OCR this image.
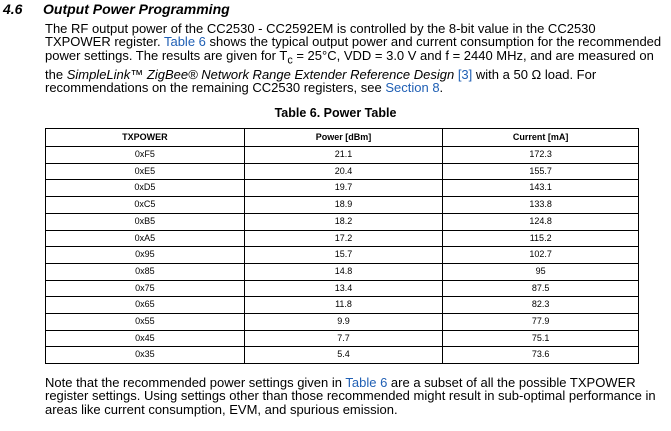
4.6 Output Power Programming

The RF output power of the CC2530 - CC2592EM is controlled by the 8-bit value in the CC2530 TXPOWER register. Table 6 shows the typical output power and current consumption for the recommended power settings. The results are given for $T_c = 25^\circ C$, VDD = 3.0 V and f = 2440 MHz, and are measured on the SimpleLink™ ZigBee® Network Range Extender Reference Design [3] with a 50 Ω load. For recommendations on the remaining CC2530 registers, see Section 8.

Table 6. Power Table

TXPOWER	Power [dBm]	Current [mA]
0xF5	21.1	172.3
0xE5	20.4	155.7
0xD5	19.7	143.1
0xC5	18.9	133.8
0xB5	18.2	124.8
0xA5	17.2	115.2
0x95	15.7	102.7
0x85	14.8	95
0x75	13.4	87.5
0x65	11.8	82.3
0x55	9.9	77.9
0x45	7.7	75.1
0x35	5.4	73.6

Note that the recommended power settings given in Table 6 are a subset of all the possible TXPOWER register settings. Using settings other than those recommended might result in sub-optimal performance in areas like current consumption, EVM, and spurious emission.
